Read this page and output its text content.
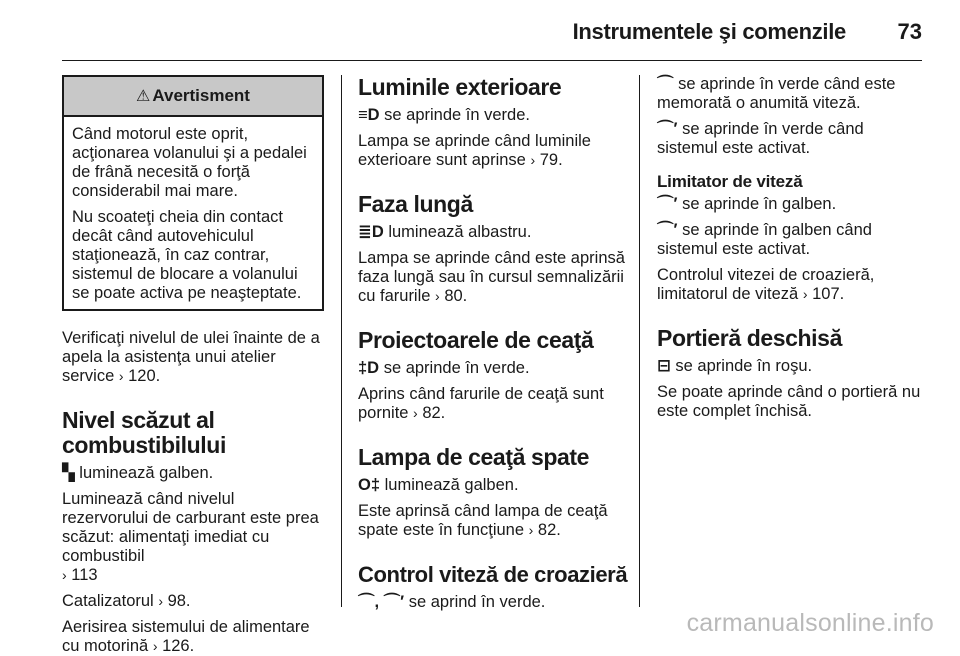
Instrumentele şi comenzile 73
⚠ Avertisment

Când motorul este oprit, acţionarea volanului şi a pedalei de frână necesită o forţă considerabil mai mare.

Nu scoateţi cheia din contact decât când autovehiculul staţionează, în caz contrar, sistemul de blocare a volanului se poate activa pe neaşteptate.

Verificaţi nivelul de ulei înainte de a apela la asistenţa unui atelier service › 120.

Nivel scăzut al combustibilului

▚ luminează galben.

Luminează când nivelul rezervorului de carburant este prea scăzut: alimentaţi imediat cu combustibil
› 113

Catalizatorul › 98.

Aerisirea sistemului de alimentare cu motorină › 126.

Luminile exterioare

≡D se aprinde în verde.

Lampa se aprinde când luminile exterioare sunt aprinse › 79.

Faza lungă

≣D luminează albastru.

Lampa se aprinde când este aprinsă faza lungă sau în cursul semnalizării cu farurile › 80.

Proiectoarele de ceaţă

‡D se aprinde în verde.

Aprins când farurile de ceaţă sunt pornite › 82.

Lampa de ceaţă spate

O‡ luminează galben.

Este aprinsă când lampa de ceaţă spate este în funcţiune › 82.

Control viteză de croazieră

⌒, ⌒′ se aprind în verde.

⌒ se aprinde în verde când este memorată o anumită viteză.

⌒′ se aprinde în verde când sistemul este activat.

Limitator de viteză

⌒′ se aprinde în galben.

⌒′ se aprinde în galben când sistemul este activat.

Controlul vitezei de croazieră, limitatorul de viteză › 107.

Portieră deschisă

⊟ se aprinde în roşu.

Se poate aprinde când o portieră nu este complet închisă.

carmanualsonline.info
